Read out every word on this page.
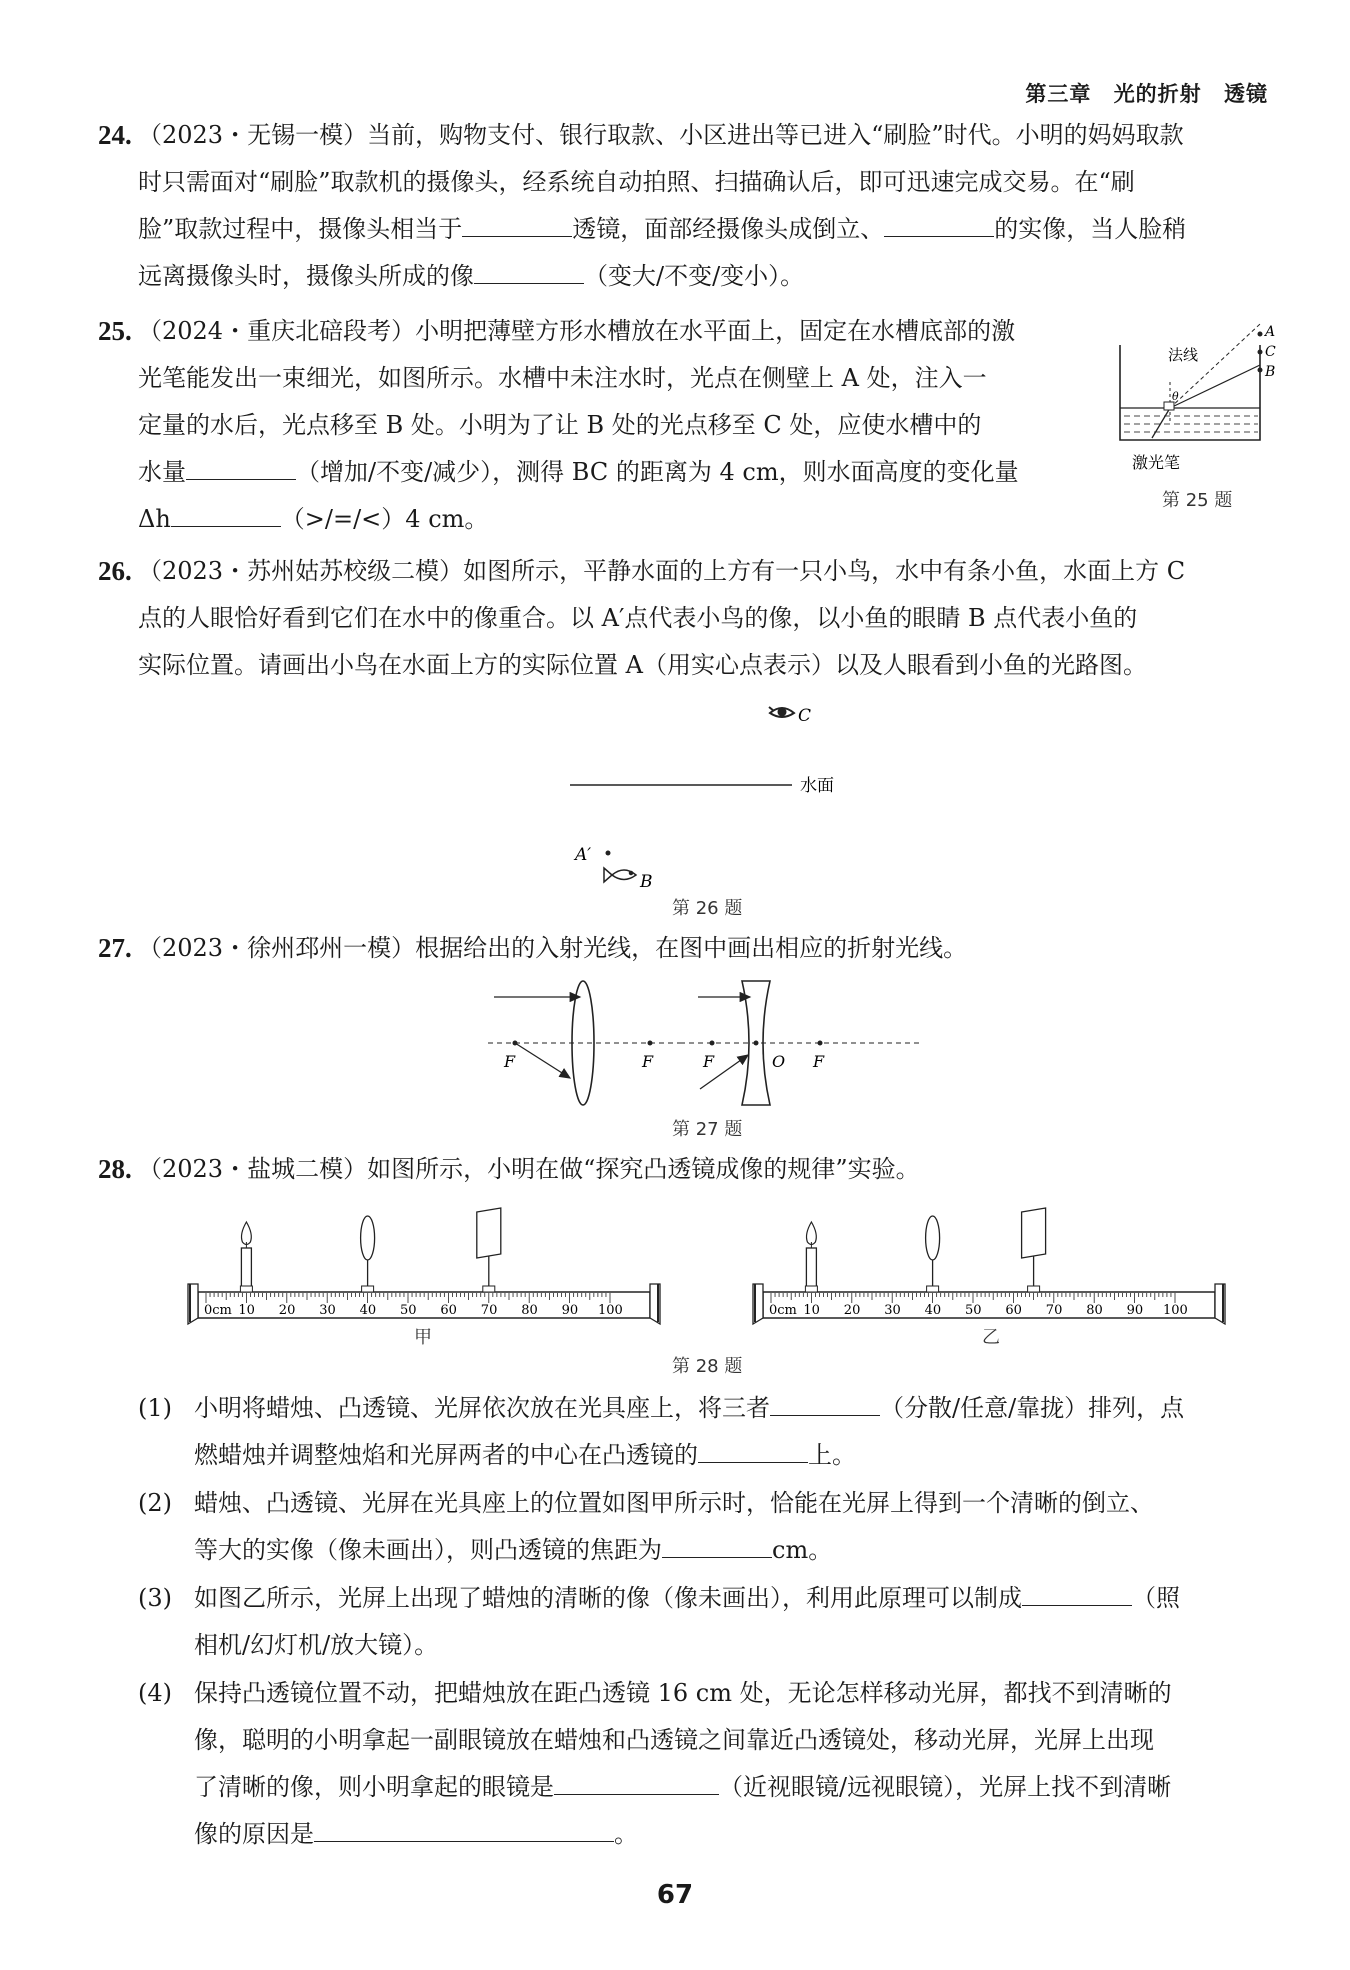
第三章 光的折射 透镜
24. （2023・无锡一模）当前，购物支付、银行取款、小区进出等已进入“刷脸”时代。小明的妈妈取款
时只需面对“刷脸”取款机的摄像头，经系统自动拍照、扫描确认后，即可迅速完成交易。在“刷
脸”取款过程中，摄像头相当于	透镜，面部经摄像头成倒立、	的实像，当人脸稍
远离摄像头时，摄像头所成的像	（变大/不变/变小）。
25. （2024・重庆北碚段考）小明把薄壁方形水槽放在水平面上，固定在水槽底部的激
光笔能发出一束细光，如图所示。水槽中未注水时，光点在侧壁上 A 处，注入一
定量的水后，光点移至 B 处。小明为了让 B 处的光点移至 C 处，应使水槽中的
水量	（增加/不变/减少），测得 BC 的距离为 4 cm，则水面高度的变化量
Δh	（>/=/<）4 cm。
A
C
B
θ
法线
激光笔
第 25 题
26. （2023・苏州姑苏校级二模）如图所示，平静水面的上方有一只小鸟，水中有条小鱼，水面上方 C
点的人眼恰好看到它们在水中的像重合。以 A′点代表小鸟的像，以小鱼的眼睛 B 点代表小鱼的
实际位置。请画出小鸟在水面上方的实际位置 A（用实心点表示）以及人眼看到小鱼的光路图。
C
水面
A′
B
第 26 题
27. （2023・徐州邳州一模）根据给出的入射光线，在图中画出相应的折射光线。
F	F	F	O F
第 27 题
28. （2023・盐城二模）如图所示，小明在做“探究凸透镜成像的规律”实验。
0cm 10 20 30 40 50 60 70 80 90 100	0cm 10 20 30 40 50 60 70 80 90 100
甲	乙
第 28 题
(1) 小明将蜡烛、凸透镜、光屏依次放在光具座上，将三者	（分散/任意/靠拢）排列，点
燃蜡烛并调整烛焰和光屏两者的中心在凸透镜的	上。
(2) 蜡烛、凸透镜、光屏在光具座上的位置如图甲所示时，恰能在光屏上得到一个清晰的倒立、
等大的实像（像未画出），则凸透镜的焦距为	cm。
(3) 如图乙所示，光屏上出现了蜡烛的清晰的像（像未画出），利用此原理可以制成	（照
相机/幻灯机/放大镜）。
(4) 保持凸透镜位置不动，把蜡烛放在距凸透镜 16 cm 处，无论怎样移动光屏，都找不到清晰的
像，聪明的小明拿起一副眼镜放在蜡烛和凸透镜之间靠近凸透镜处，移动光屏，光屏上出现
了清晰的像，则小明拿起的眼镜是	（近视眼镜/远视眼镜），光屏上找不到清晰
像的原因是	。
67
